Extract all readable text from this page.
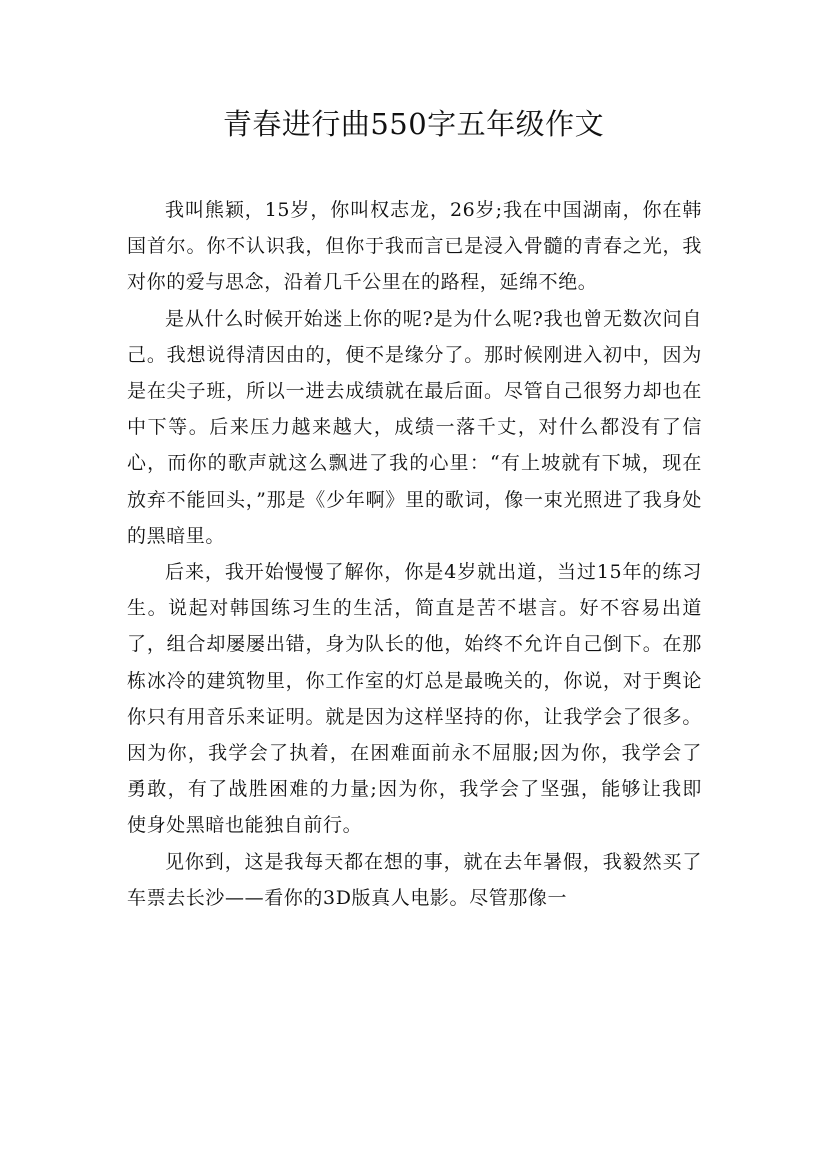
青春进行曲550字五年级作文

我叫熊颖，15岁，你叫权志龙，26岁;我在中国湖南，你在韩国首尔。你不认识我，但你于我而言已是浸入骨髓的青春之光，我对你的爱与思念，沿着几千公里在的路程，延绵不绝。

是从什么时候开始迷上你的呢?是为什么呢?我也曾无数次问自己。我想说得清因由的，便不是缘分了。那时候刚进入初中，因为是在尖子班，所以一进去成绩就在最后面。尽管自己很努力却也在中下等。后来压力越来越大，成绩一落千丈，对什么都没有了信心，而你的歌声就这么飘进了我的心里：“有上坡就有下城，现在放弃不能回头，”那是《少年啊》里的歌词，像一束光照进了我身处的黑暗里。

后来，我开始慢慢了解你，你是4岁就出道，当过15年的练习生。说起对韩国练习生的生活，简直是苦不堪言。好不容易出道了，组合却屡屡出错，身为队长的他，始终不允许自己倒下。在那栋冰冷的建筑物里，你工作室的灯总是最晚关的，你说，对于舆论你只有用音乐来证明。就是因为这样坚持的你，让我学会了很多。因为你，我学会了执着，在困难面前永不屈服;因为你，我学会了勇敢，有了战胜困难的力量;因为你，我学会了坚强，能够让我即使身处黑暗也能独自前行。

见你到，这是我每天都在想的事，就在去年暑假，我毅然买了车票去长沙——看你的3D版真人电影。尽管那像一
